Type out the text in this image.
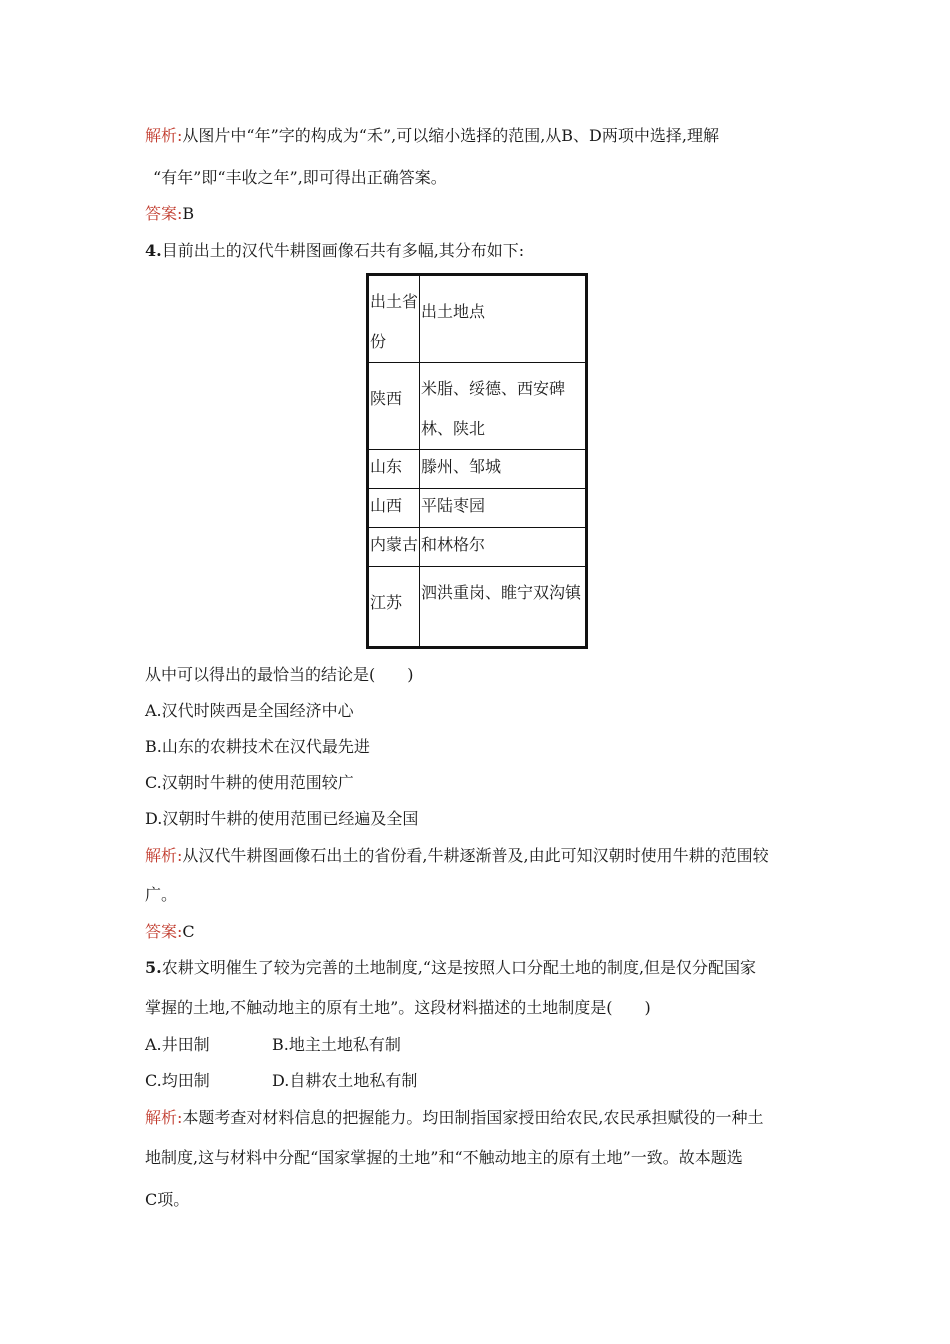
解析:从图片中“年”字的构成为“禾”,可以缩小选择的范围,从B、D两项中选择,理解
“有年”即“丰收之年”,即可得出正确答案。
答案:B
4.目前出土的汉代牛耕图画像石共有多幅,其分布如下:
出土省份	出土地点
陕西	米脂、绥德、西安碑林、陕北
山东	滕州、邹城
山西	平陆枣园
内蒙古	和林格尔
江苏	泗洪重岗、睢宁双沟镇
从中可以得出的最恰当的结论是(　　)
A.汉代时陕西是全国经济中心
B.山东的农耕技术在汉代最先进
C.汉朝时牛耕的使用范围较广
D.汉朝时牛耕的使用范围已经遍及全国
解析:从汉代牛耕图画像石出土的省份看,牛耕逐渐普及,由此可知汉朝时使用牛耕的范围较
广。
答案:C
5.农耕文明催生了较为完善的土地制度,“这是按照人口分配土地的制度,但是仅分配国家
掌握的土地,不触动地主的原有土地”。这段材料描述的土地制度是(　　)
A.井田制	B.地主土地私有制
C.均田制	D.自耕农土地私有制
解析:本题考查对材料信息的把握能力。均田制指国家授田给农民,农民承担赋役的一种土
地制度,这与材料中分配“国家掌握的土地”和“不触动地主的原有土地”一致。故本题选
C项。
